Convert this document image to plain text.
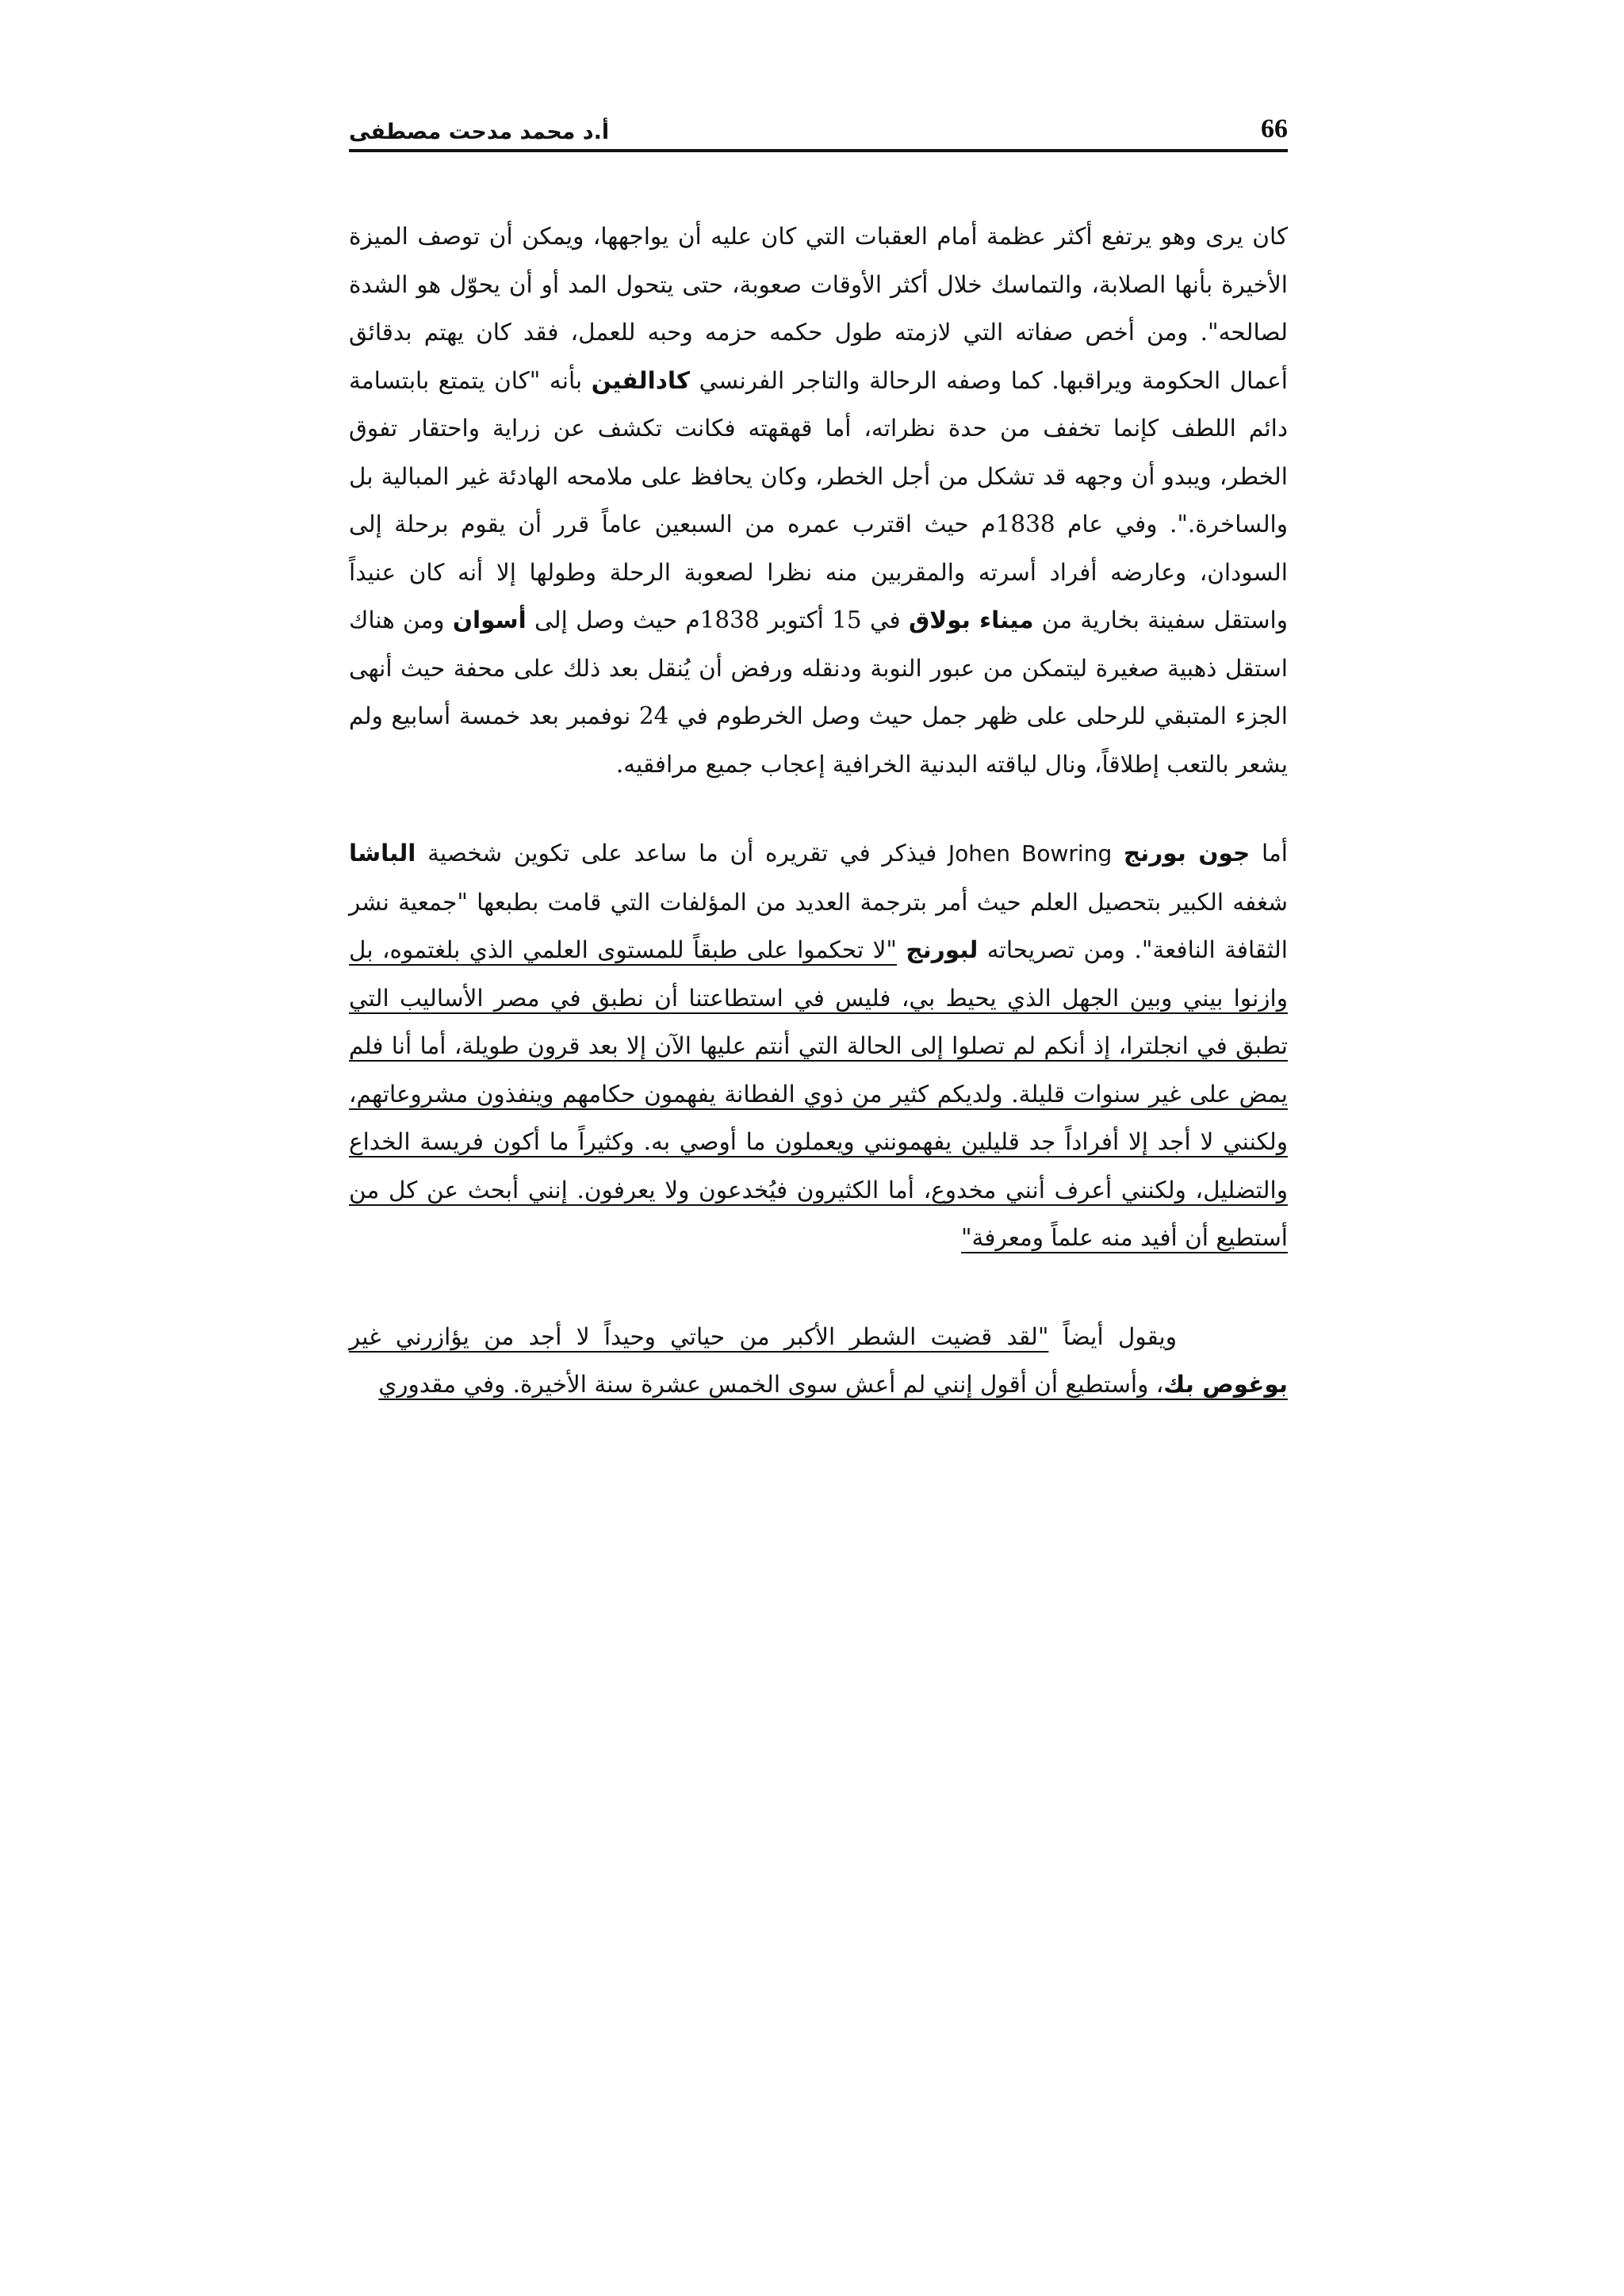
أ.د محمد مدحت مصطفى	66

كان يرى وهو يرتفع أكثر عظمة أمام العقبات التي كان عليه أن يواجهها، ويمكن أن توصف الميزة الأخيرة بأنها الصلابة، والتماسك خلال أكثر الأوقات صعوبة، حتى يتحول المد أو أن يحوّل هو الشدة لصالحه". ومن أخص صفاته التي لازمته طول حكمه حزمه وحبه للعمل، فقد كان يهتم بدقائق أعمال الحكومة ويراقبها. كما وصفه الرحالة والتاجر الفرنسي كادالفين بأنه "كان يتمتع بابتسامة دائم اللطف كإنما تخفف من حدة نظراته، أما قهقهته فكانت تكشف عن زراية واحتقار تفوق الخطر، ويبدو أن وجهه قد تشكل من أجل الخطر، وكان يحافظ على ملامحه الهادئة غير المبالية بل والساخرة.". وفي عام 1838م حيث اقترب عمره من السبعين عاماً قرر أن يقوم برحلة إلى السودان، وعارضه أفراد أسرته والمقربين منه نظرا لصعوبة الرحلة وطولها إلا أنه كان عنيداً واستقل سفينة بخارية من ميناء بولاق في 15 أكتوبر 1838م حيث وصل إلى أسوان ومن هناك استقل ذهبية صغيرة ليتمكن من عبور النوبة ودنقله ورفض أن يُنقل بعد ذلك على محفة حيث أنهى الجزء المتبقي للرحلى على ظهر جمل حيث وصل الخرطوم في 24 نوفمبر بعد خمسة أسابيع ولم يشعر بالتعب إطلاقاً، ونال لياقته البدنية الخرافية إعجاب جميع مرافقيه.

أما جون بورنج Johen Bowring فيذكر في تقريره أن ما ساعد على تكوين شخصية الباشا شغفه الكبير بتحصيل العلم حيث أمر بترجمة العديد من المؤلفات التي قامت بطبعها "جمعية نشر الثقافة النافعة". ومن تصريحاته لبورنج "لا تحكموا على طبقاً للمستوى العلمي الذي بلغتموه، بل وازنوا بيني وبين الجهل الذي يحيط بي، فليس في استطاعتنا أن نطبق في مصر الأساليب التي تطبق في انجلترا، إذ أنكم لم تصلوا إلى الحالة التي أنتم عليها الآن إلا بعد قرون طويلة، أما أنا فلم يمض على غير سنوات قليلة. ولديكم كثير من ذوي الفطانة يفهمون حكامهم وينفذون مشروعاتهم، ولكنني لا أجد إلا أفراداً جد قليلين يفهمونني ويعملون ما أوصي به. وكثيراً ما أكون فريسة الخداع والتضليل، ولكنني أعرف أنني مخدوع، أما الكثيرون فيُخدعون ولا يعرفون. إنني أبحث عن كل من أستطيع أن أفيد منه علماً ومعرفة"

ويقول أيضاً "لقد قضيت الشطر الأكبر من حياتي وحيداً لا أجد من يؤازرني غير بوغوص بك، وأستطيع أن أقول إنني لم أعش سوى الخمس عشرة سنة الأخيرة. وفي مقدوري
